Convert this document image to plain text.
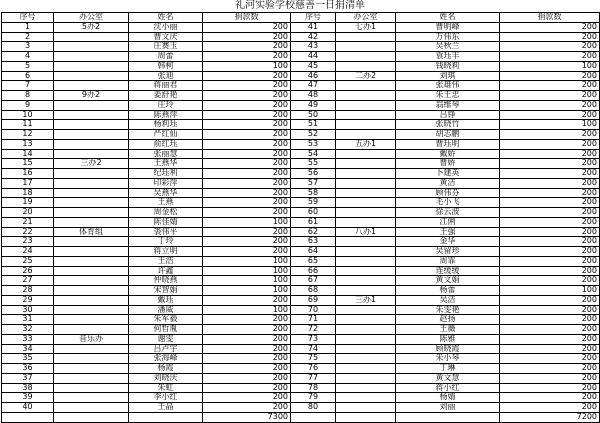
礼河实验学校慈善一日捐清单
序号	办公室	姓名	捐款数	序号	办公室	姓名	捐款数
1	5办2	沈小丽	200	41	七办1	曹明峰	200
2		曹文庆	200	42		万伟东	200
3		庄赛玉	200	43		吴秋兰	200
4		周蕾	200	44		袁珏丰	200
5		韩柯	100	45		钱晓莉	100
6		张迪	200	46	二办2	刘琪	200
7		蒋丽君	200	47		张雄伟	200
8	9办2	姜舒艳	200	48		朱王忠	200
9		庄玲	200	49		翁维琴	200
10		陈燕萍	200	50		吕铮	200
11		杨莉珏	200	51		张晓竹	100
12		严红仙	200	52		胡志鹏	200
13		俞红珏	200	53	五办1	曹珏明	200
14		张丽慧	200	54		戴娇	200
15	三办2	王燕华	200	55		曹娇	200
16		纪珏利	200	56		卜建英	200
17		印彩萍	200	57		黄洁	200
18		吴燕华	200	58		顾伟芬	200
19		王燕	200	59		毛小飞	200
20		周金松	200	60		徐云波	200
21		陈佳婧	100	61		江俐	200
22	体育组	裘伟平	200	62	八办1	王强	200
23		丁玲	200	63		金华	200
24		蒋立明	200	64		吴留珍	200
25		王浩	100	65		周霏	200
26		许鑫	100	66		连缓缓	200
27		仲晓燕	100	67		黄文娟	200
28		宋智娟	100	68		杨蕾	100
29		戴珏	200	69	三办1	吴洁	200
30		潘威	100	70		朱雯艳	200
31		朱军毅	200	71		赵扬	200
32		何哲胤	200	72		王薇	200
33	音乐办	谢雯	200	73		陈雅	200
34		吕卢宇	200	74		顾晓霞	200
35		张海峰	200	75		朱小琴	200
36		杨霞	200	76		丁琳	200
37		刘晓庆	200	77		黄文慧	200
38		朱虹	200	78		蒋小红	200
39		李小红	200	79		杨婧	200
40		王晶	200	80		刘丽	200
			7300				7200
